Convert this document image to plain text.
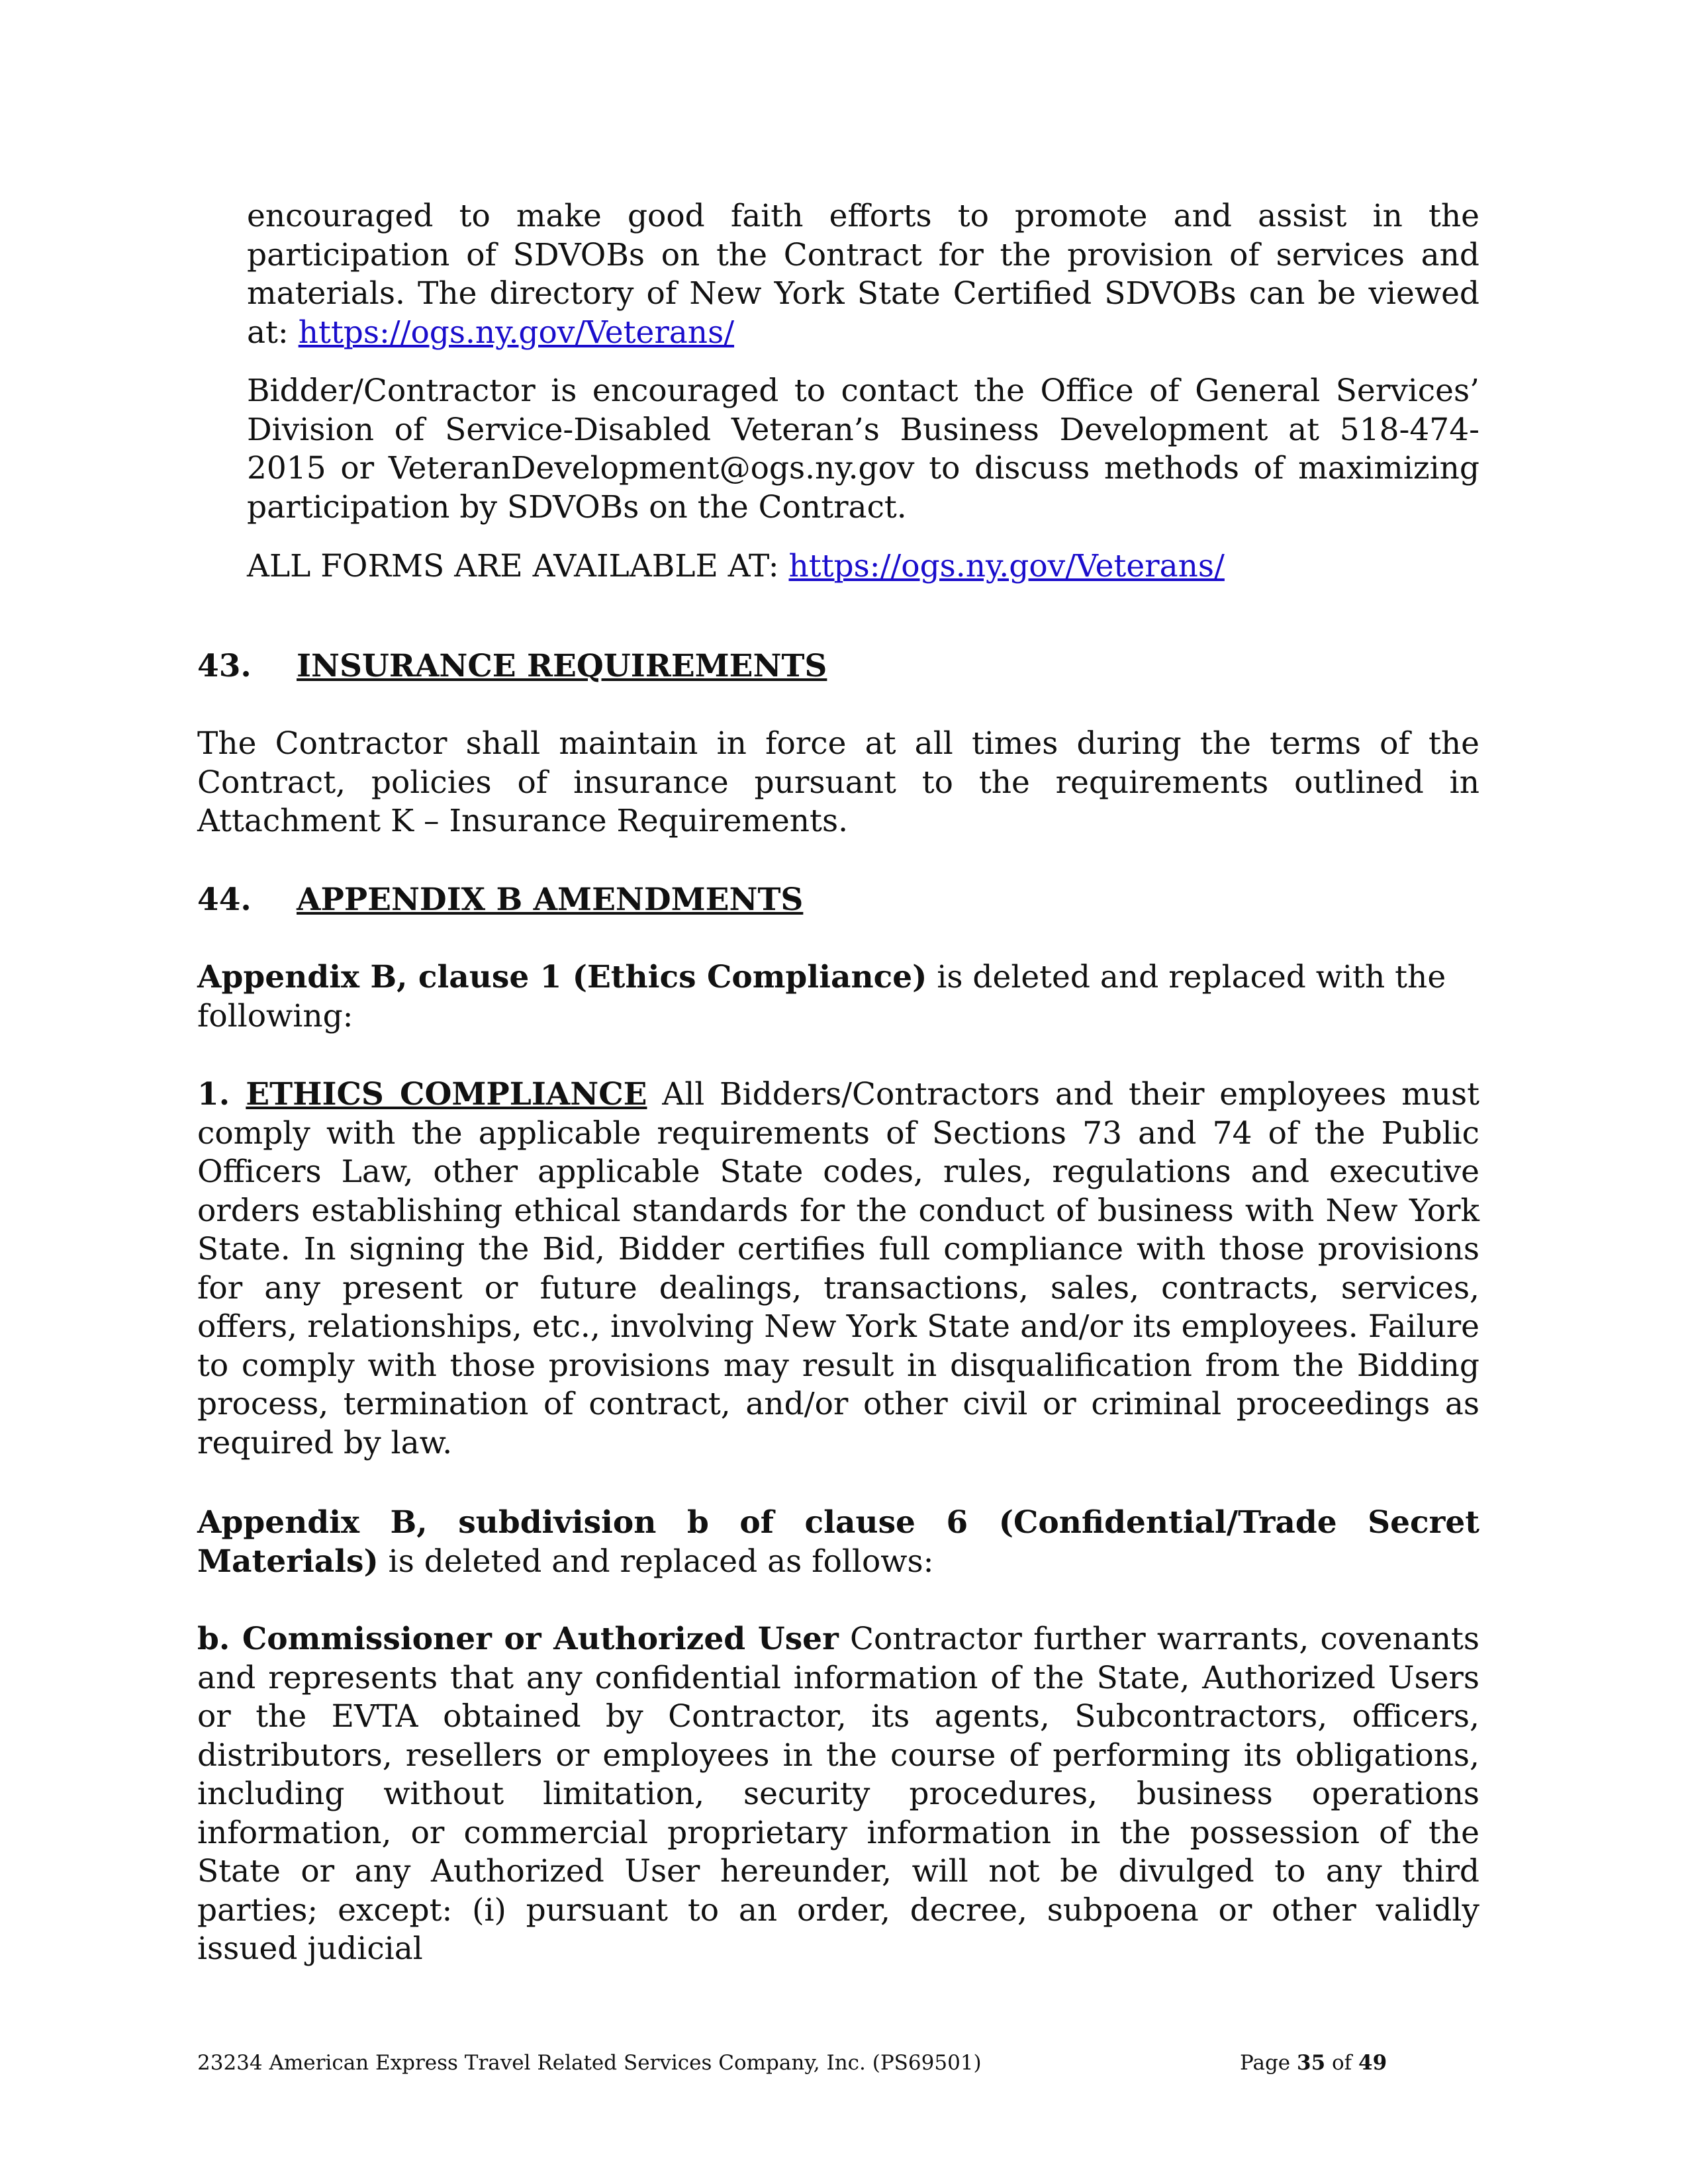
encouraged to make good faith efforts to promote and assist in the participation of SDVOBs on the Contract for the provision of services and materials. The directory of New York State Certified SDVOBs can be viewed at: https://ogs.ny.gov/Veterans/

Bidder/Contractor is encouraged to contact the Office of General Services’ Division of Service-Disabled Veteran’s Business Development at 518-474-2015 or VeteranDevelopment@ogs.ny.gov to discuss methods of maximizing participation by SDVOBs on the Contract.

ALL FORMS ARE AVAILABLE AT: https://ogs.ny.gov/Veterans/

43. INSURANCE REQUIREMENTS

The Contractor shall maintain in force at all times during the terms of the Contract, policies of insurance pursuant to the requirements outlined in Attachment K – Insurance Requirements.

44. APPENDIX B AMENDMENTS

Appendix B, clause 1 (Ethics Compliance) is deleted and replaced with the following:

1. ETHICS COMPLIANCE All Bidders/Contractors and their employees must comply with the applicable requirements of Sections 73 and 74 of the Public Officers Law, other applicable State codes, rules, regulations and executive orders establishing ethical standards for the conduct of business with New York State. In signing the Bid, Bidder certifies full compliance with those provisions for any present or future dealings, transactions, sales, contracts, services, offers, relationships, etc., involving New York State and/or its employees. Failure to comply with those provisions may result in disqualification from the Bidding process, termination of contract, and/or other civil or criminal proceedings as required by law.

Appendix B, subdivision b of clause 6 (Confidential/Trade Secret Materials) is deleted and replaced as follows:

b. Commissioner or Authorized User Contractor further warrants, covenants and represents that any confidential information of the State, Authorized Users or the EVTA obtained by Contractor, its agents, Subcontractors, officers, distributors, resellers or employees in the course of performing its obligations, including without limitation, security procedures, business operations information, or commercial proprietary information in the possession of the State or any Authorized User hereunder, will not be divulged to any third parties; except: (i) pursuant to an order, decree, subpoena or other validly issued judicial

23234 American Express Travel Related Services Company, Inc. (PS69501)	Page 35 of 49
